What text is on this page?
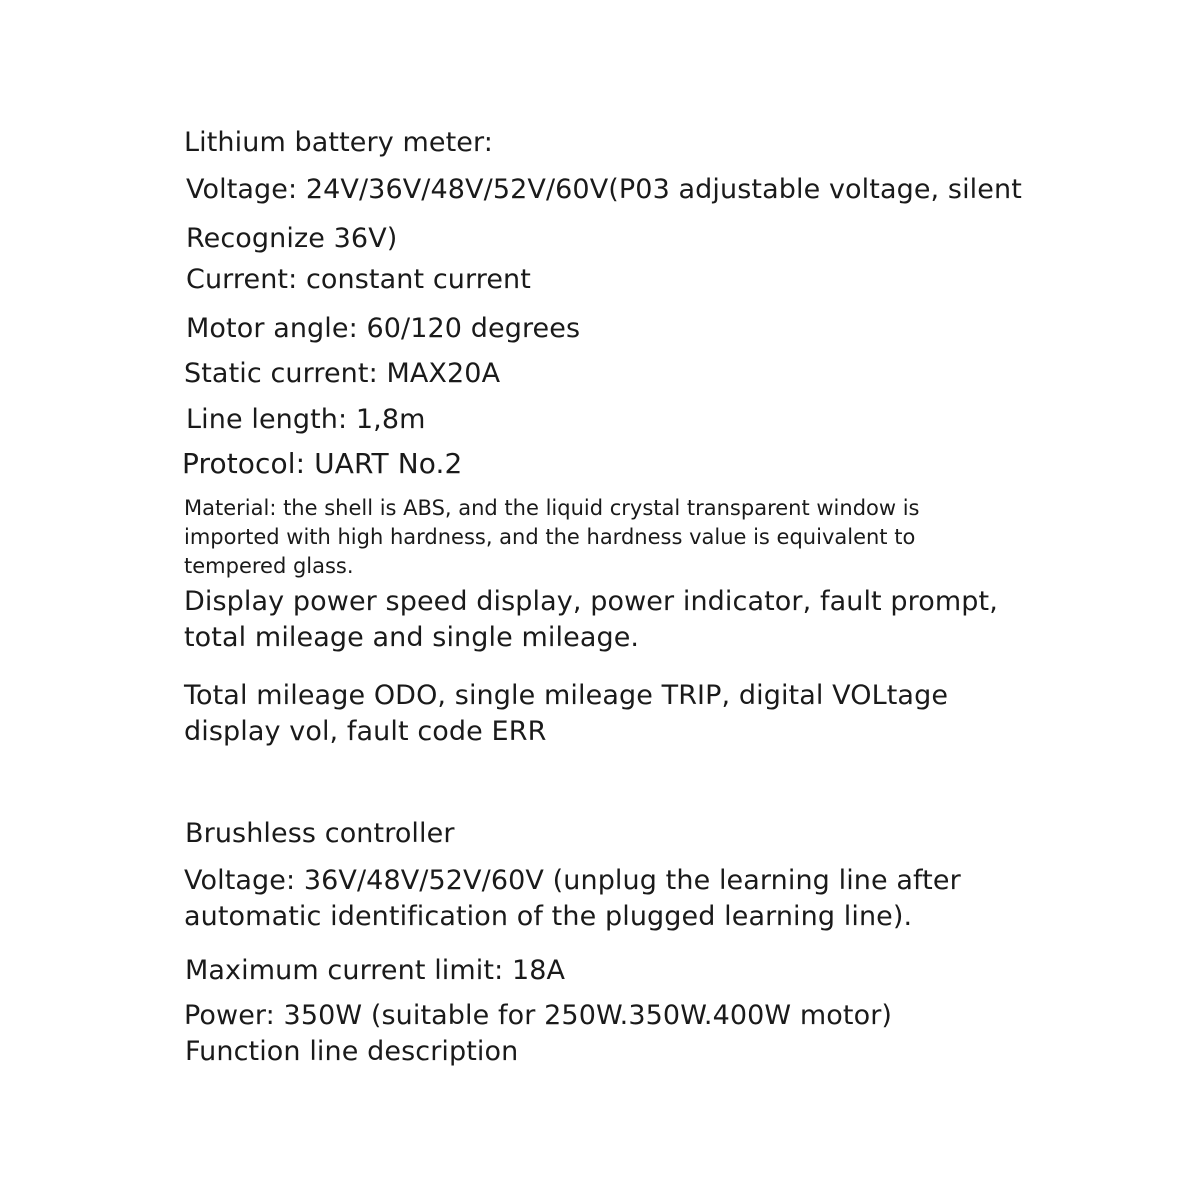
Lithium battery meter:
Voltage: 24V/36V/48V/52V/60V(P03 adjustable voltage, silent
Recognize 36V)
Current: constant current
Motor angle: 60/120 degrees
Static current: MAX20A
Line length: 1,8m
Protocol: UART No.2
Material: the shell is ABS, and the liquid crystal transparent window is
imported with high hardness, and the hardness value is equivalent to
tempered glass.
Display power speed display, power indicator, fault prompt,
total mileage and single mileage.
Total mileage ODO, single mileage TRIP, digital VOLtage
display vol, fault code ERR
Brushless controller
Voltage: 36V/48V/52V/60V (unplug the learning line after
automatic identification of the plugged learning line).
Maximum current limit: 18A
Power: 350W (suitable for 250W.350W.400W motor)
Function line description
